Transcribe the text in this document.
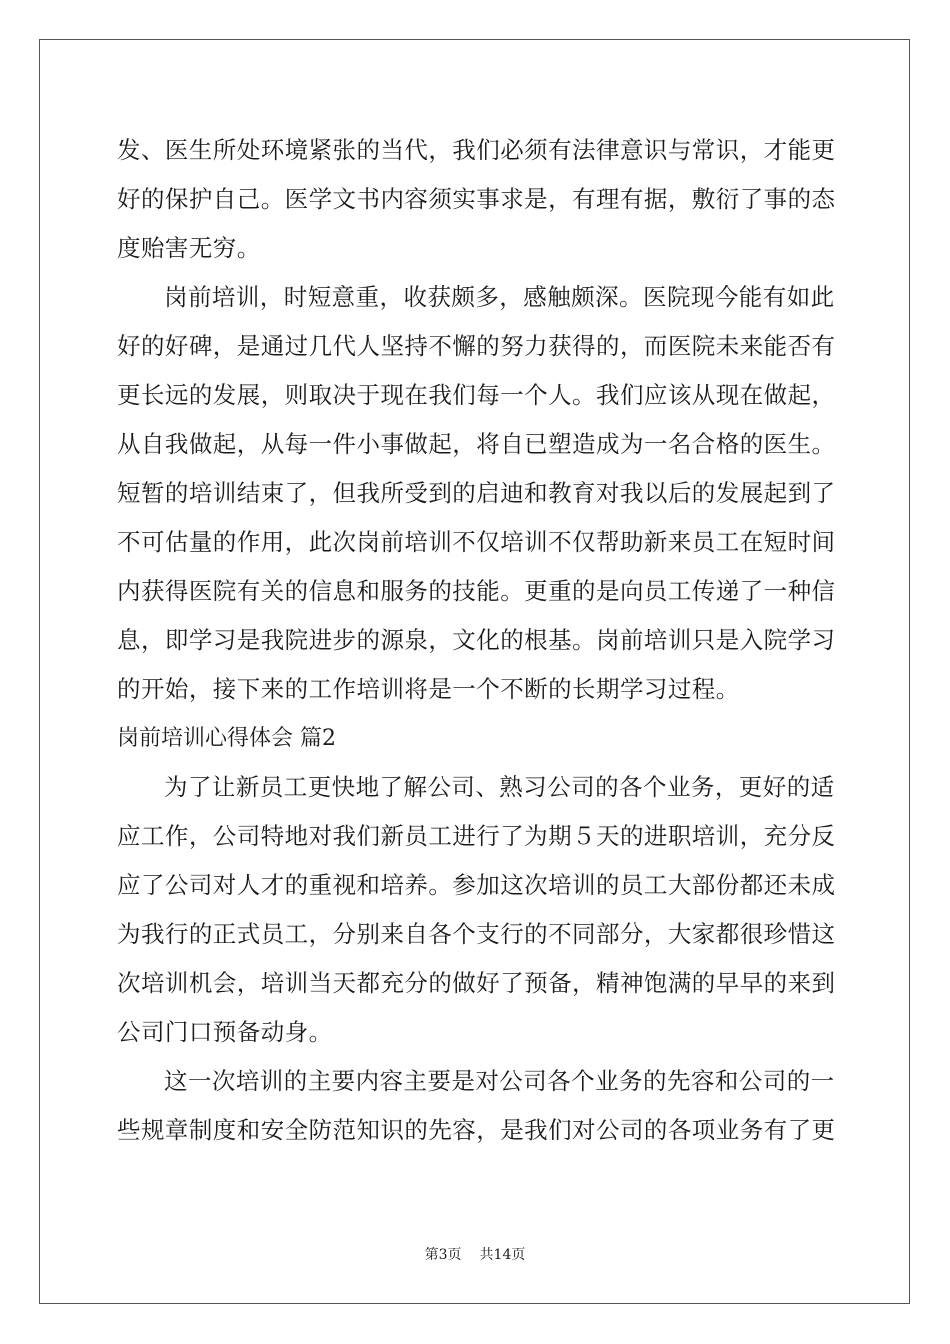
发、医生所处环境紧张的当代，我们必须有法律意识与常识，才能更
好的保护自己。医学文书内容须实事求是，有理有据，敷衍了事的态
度贻害无穷。
岗前培训，时短意重，收获颇多，感触颇深。医院现今能有如此
好的好碑，是通过几代人坚持不懈的努力获得的，而医院未来能否有
更长远的发展，则取决于现在我们每一个人。我们应该从现在做起，
从自我做起，从每一件小事做起，将自已塑造成为一名合格的医生。
短暂的培训结束了，但我所受到的启迪和教育对我以后的发展起到了
不可估量的作用，此次岗前培训不仅培训不仅帮助新来员工在短时间
内获得医院有关的信息和服务的技能。更重的是向员工传递了一种信
息，即学习是我院进步的源泉，文化的根基。岗前培训只是入院学习
的开始，接下来的工作培训将是一个不断的长期学习过程。
岗前培训心得体会 篇2
为了让新员工更快地了解公司、熟习公司的各个业务，更好的适
应工作，公司特地对我们新员工进行了为期５天的进职培训，充分反
应了公司对人才的重视和培养。参加这次培训的员工大部份都还未成
为我行的正式员工，分别来自各个支行的不同部分，大家都很珍惜这
次培训机会，培训当天都充分的做好了预备，精神饱满的早早的来到
公司门口预备动身。
这一次培训的主要内容主要是对公司各个业务的先容和公司的一
些规章制度和安全防范知识的先容，是我们对公司的各项业务有了更
第3页 共14页
